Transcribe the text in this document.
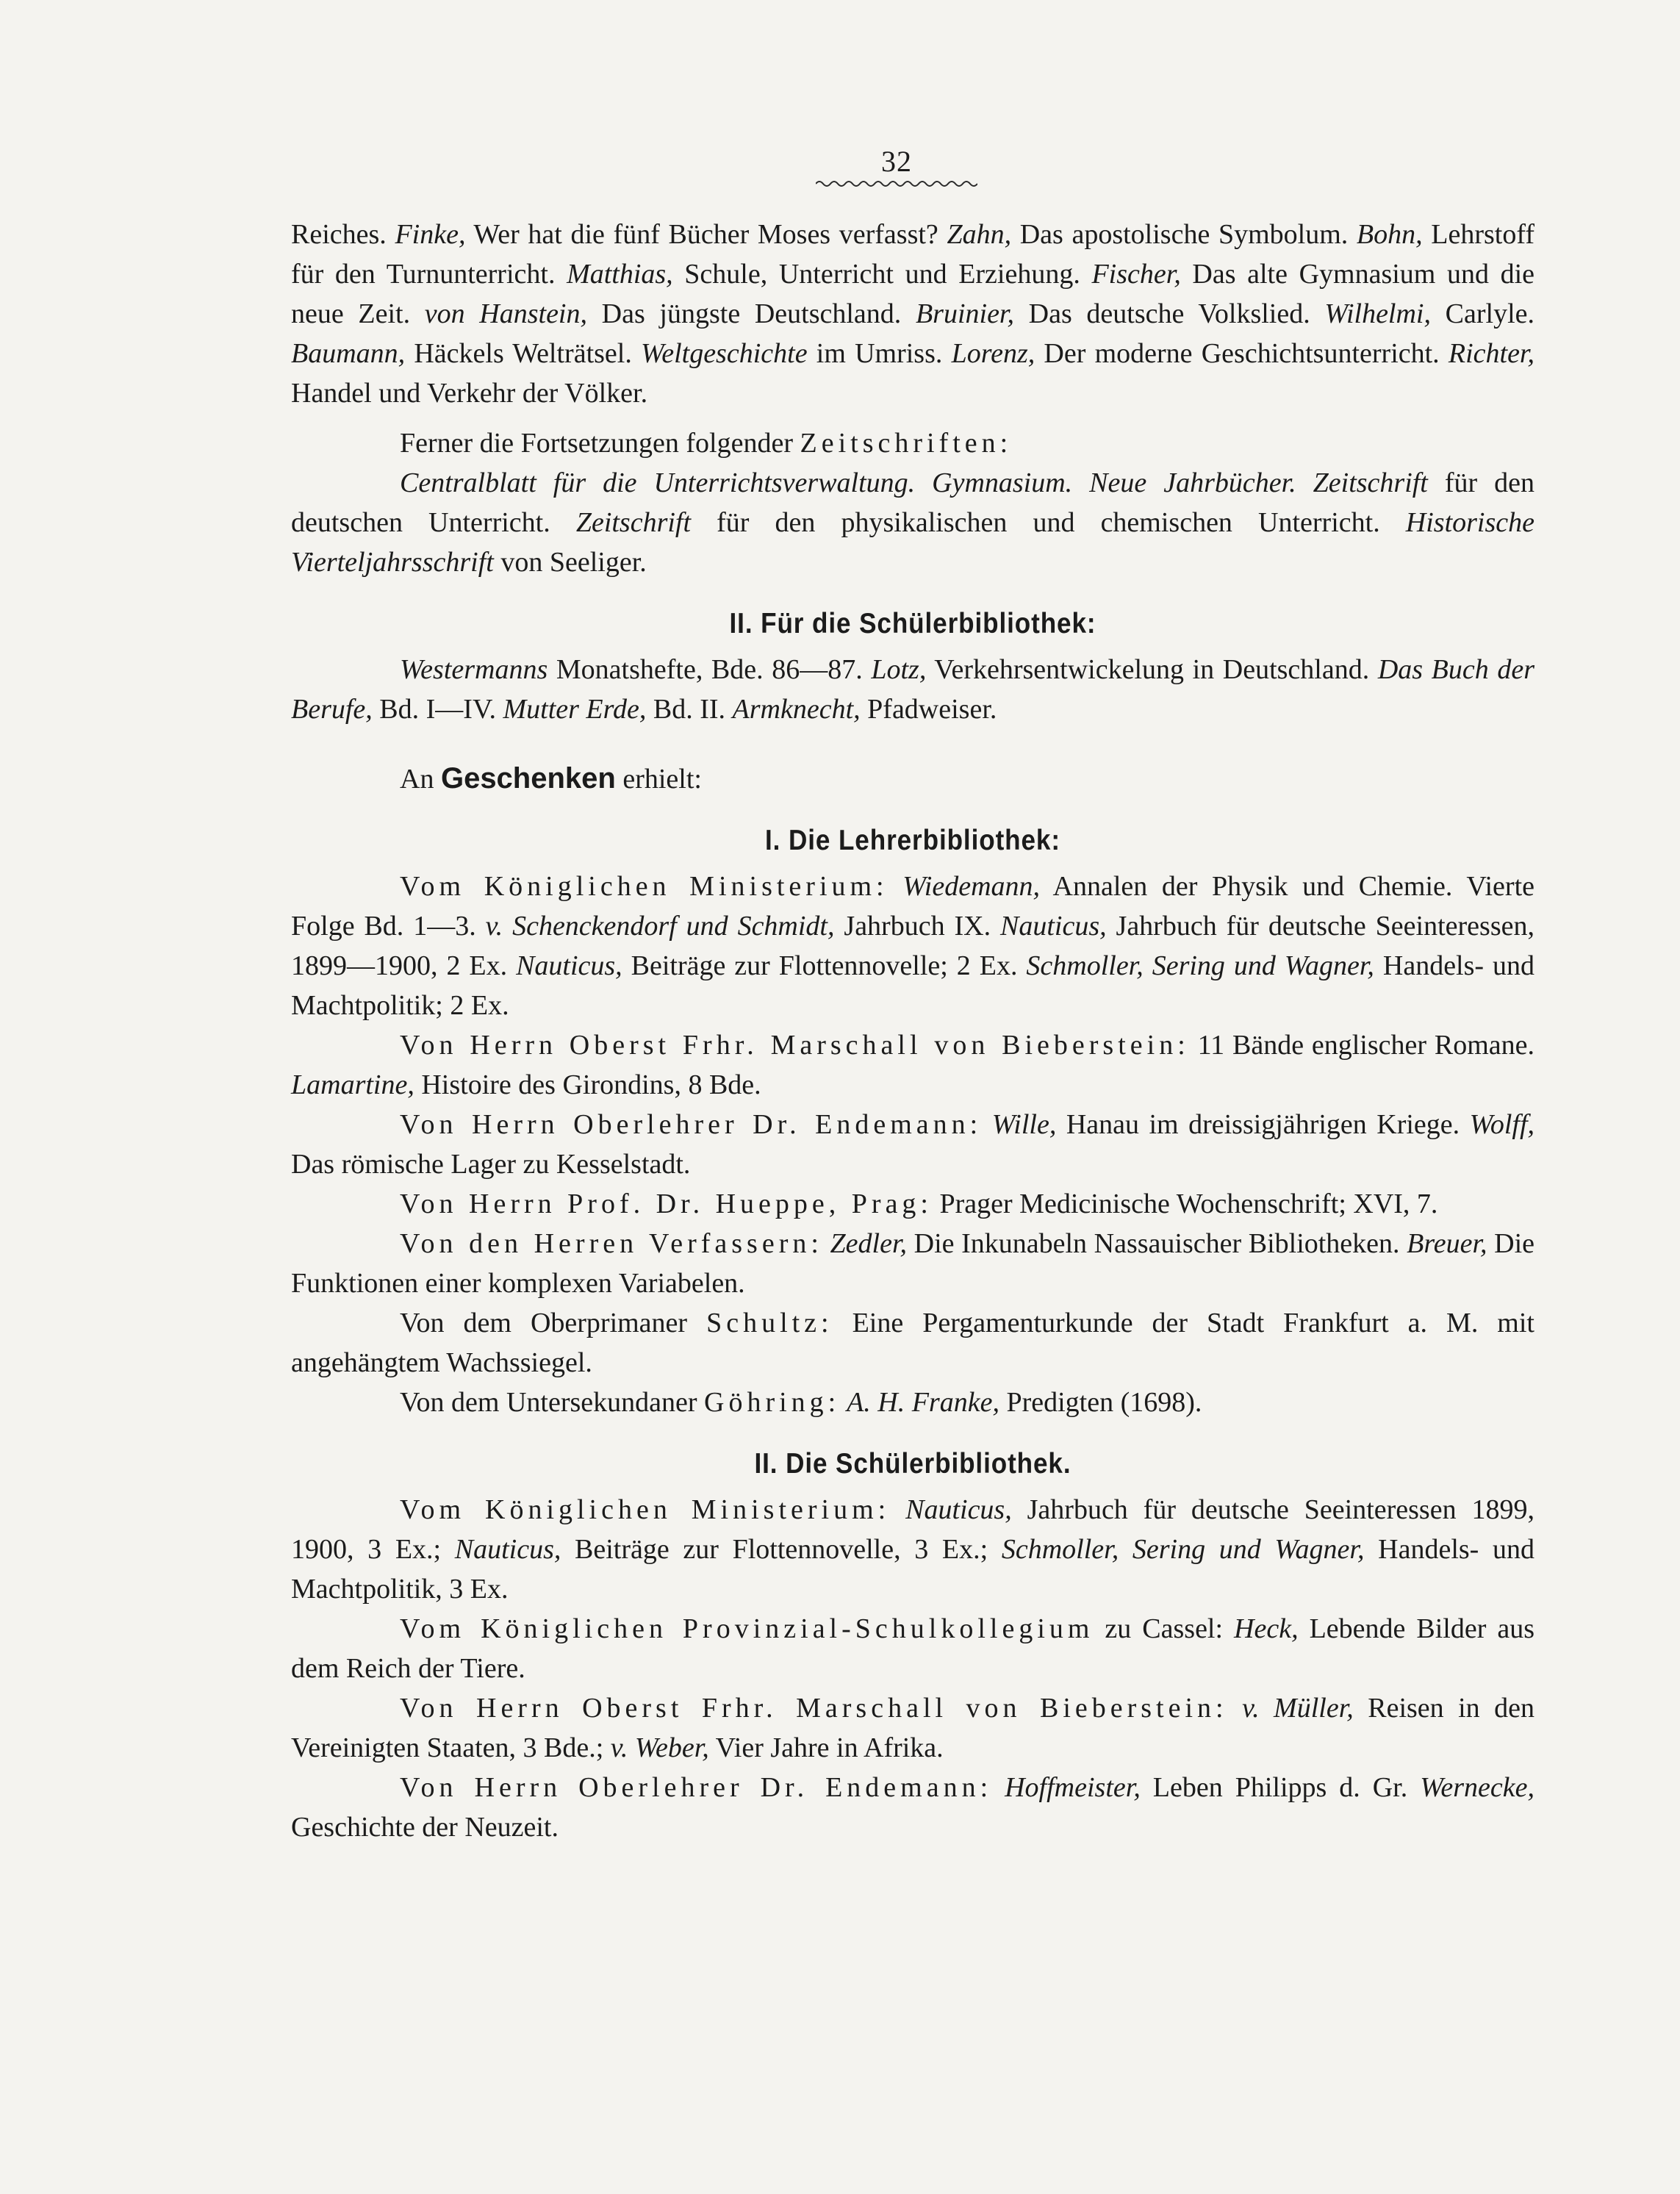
32

Reiches. Finke, Wer hat die fünf Bücher Moses verfasst? Zahn, Das apostolische Symbolum. Bohn, Lehrstoff für den Turnunterricht. Matthias, Schule, Unterricht und Erziehung. Fischer, Das alte Gymnasium und die neue Zeit. von Hanstein, Das jüngste Deutschland. Bruinier, Das deutsche Volkslied. Wilhelmi, Carlyle. Baumann, Häckels Welträtsel. Weltgeschichte im Umriss. Lorenz, Der moderne Geschichtsunterricht. Richter, Handel und Verkehr der Völker.

Ferner die Fortsetzungen folgender Zeitschriften:

Centralblatt für die Unterrichtsverwaltung. Gymnasium. Neue Jahrbücher. Zeitschrift für den deutschen Unterricht. Zeitschrift für den physikalischen und chemischen Unterricht. Historische Vierteljahrsschrift von Seeliger.

II. Für die Schülerbibliothek:

Westermanns Monatshefte, Bde. 86—87. Lotz, Verkehrsentwickelung in Deutschland. Das Buch der Berufe, Bd. I—IV. Mutter Erde, Bd. II. Armknecht, Pfadweiser.

An Geschenken erhielt:

I. Die Lehrerbibliothek:

Vom Königlichen Ministerium: Wiedemann, Annalen der Physik und Chemie. Vierte Folge Bd. 1—3. v. Schenckendorf und Schmidt, Jahrbuch IX. Nauticus, Jahrbuch für deutsche Seeinteressen, 1899—1900, 2 Ex. Nauticus, Beiträge zur Flottennovelle; 2 Ex. Schmoller, Sering und Wagner, Handels- und Machtpolitik; 2 Ex.

Von Herrn Oberst Frhr. Marschall von Bieberstein: 11 Bände englischer Romane. Lamartine, Histoire des Girondins, 8 Bde.

Von Herrn Oberlehrer Dr. Endemann: Wille, Hanau im dreissigjährigen Kriege. Wolff, Das römische Lager zu Kesselstadt.

Von Herrn Prof. Dr. Hueppe, Prag: Prager Medicinische Wochenschrift; XVI, 7.

Von den Herren Verfassern: Zedler, Die Inkunabeln Nassauischer Bibliotheken. Breuer, Die Funktionen einer komplexen Variabelen.

Von dem Oberprimaner Schultz: Eine Pergamenturkunde der Stadt Frankfurt a. M. mit angehängtem Wachssiegel.

Von dem Untersekundaner Göhring: A. H. Franke, Predigten (1698).

II. Die Schülerbibliothek.

Vom Königlichen Ministerium: Nauticus, Jahrbuch für deutsche Seeinteressen 1899, 1900, 3 Ex.; Nauticus, Beiträge zur Flottennovelle, 3 Ex.; Schmoller, Sering und Wagner, Handels- und Machtpolitik, 3 Ex.

Vom Königlichen Provinzial-Schulkollegium zu Cassel: Heck, Lebende Bilder aus dem Reich der Tiere.

Von Herrn Oberst Frhr. Marschall von Bieberstein: v. Müller, Reisen in den Vereinigten Staaten, 3 Bde.; v. Weber, Vier Jahre in Afrika.

Von Herrn Oberlehrer Dr. Endemann: Hoffmeister, Leben Philipps d. Gr. Wernecke, Geschichte der Neuzeit.
